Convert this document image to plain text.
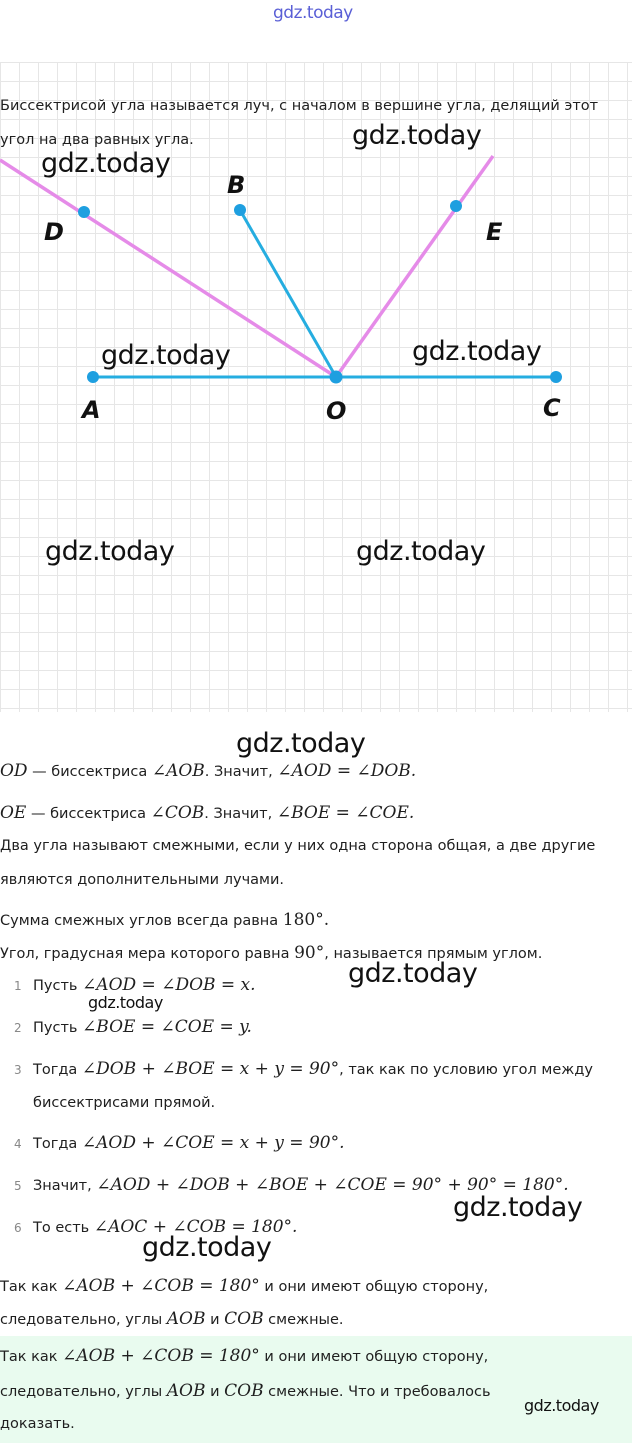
gdz.today
A	O	C
B
D	E
Биссектрисой угла называется луч, с началом в вершине угла, делящий этот
угол на два равных угла.	gdz.today
gdz.today
gdz.today	gdz.today
gdz.today	gdz.today
gdz.today
OD — биссектриса ∠AOB. Значит, ∠AOD = ∠DOB.
OE — биссектриса ∠COB. Значит, ∠BOE = ∠COE.
Два угла называют смежными, если у них одна сторона общая, а две другие
являются дополнительными лучами.
Сумма смежных углов всегда равна 180°.
Угол, градусная мера которого равна 90°, называется прямым углом.
gdz.today
gdz.today
1 Пусть ∠AOD = ∠DOB = x.
2 Пусть ∠BOE = ∠COE = y.
3 Тогда ∠DOB + ∠BOE = x + y = 90°, так как по условию угол между
биссектрисами прямой.
4 Тогда ∠AOD + ∠COE = x + y = 90°.
5 Значит, ∠AOD + ∠DOB + ∠BOE + ∠COE = 90° + 90° = 180°.
6 То есть ∠AOC + ∠COB = 180°.
gdz.today
gdz.today
Так как ∠AOB + ∠COB = 180° и они имеют общую сторону,
следовательно, углы AOB и COB смежные.
Так как ∠AOB + ∠COB = 180° и они имеют общую сторону,
следовательно, углы AOB и COB смежные. Что и требовалось
доказать.
gdz.today
